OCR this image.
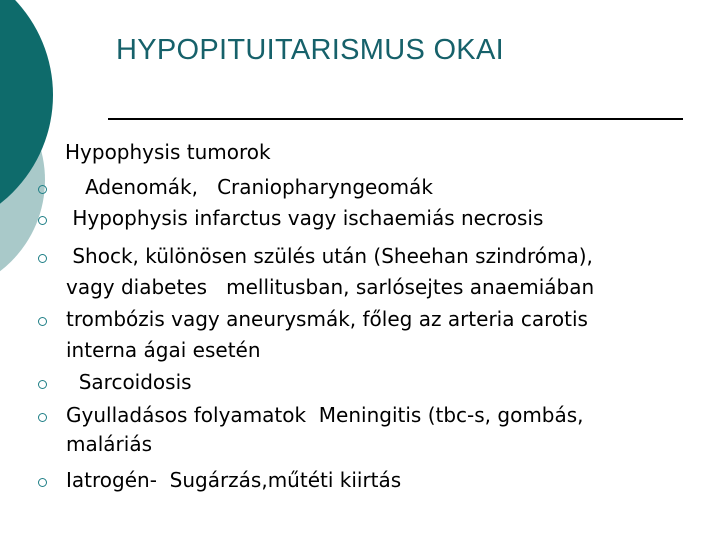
HYPOPITUITARISMUS OKAI
Hypophysis tumorok
Adenomák,   Craniopharyngeomák
Hypophysis infarctus vagy ischaemiás necrosis
Shock, különösen szülés után (Sheehan szindróma),
vagy diabetes   mellitusban, sarlósejtes anaemiában
trombózis vagy aneurysmák, főleg az arteria carotis
interna ágai esetén
Sarcoidosis
Gyulladásos folyamatok  Meningitis (tbc-s, gombás,
maláriás
Iatrogén-  Sugárzás,műtéti kiirtás
